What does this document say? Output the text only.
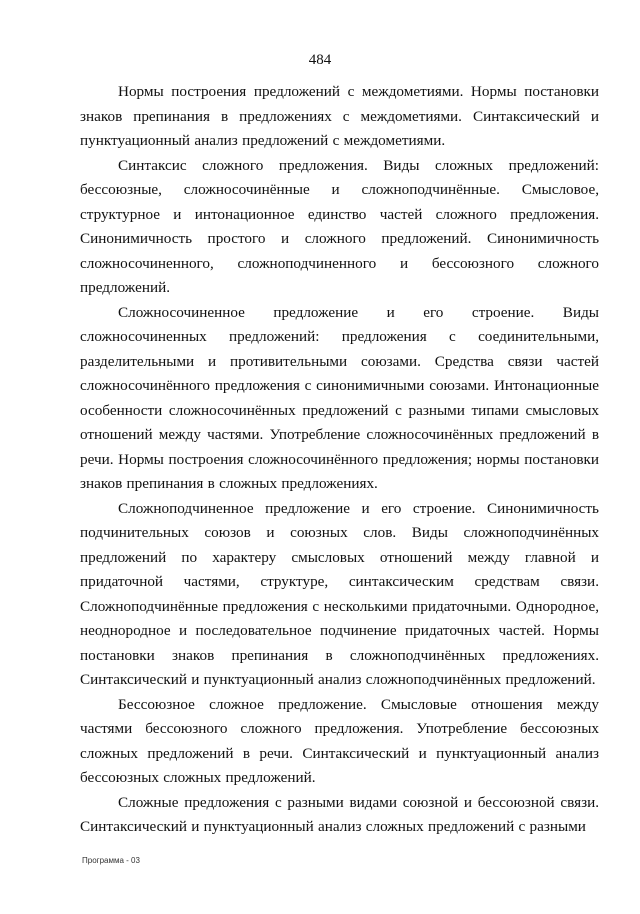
484

Нормы построения предложений с междометиями. Нормы постановки знаков препинания в предложениях с междометиями. Синтаксический и пунктуационный анализ предложений с междометиями.

Синтаксис сложного предложения. Виды сложных предложений: бессоюзные, сложносочинённые и сложноподчинённые. Смысловое, структурное и интонационное единство частей сложного предложения. Синонимичность простого и сложного предложений. Синонимичность сложносочиненного, сложноподчиненного и бессоюзного сложного предложений.

Сложносочиненное предложение и его строение. Виды сложносочиненных предложений: предложения с соединительными, разделительными и противительными союзами. Средства связи частей сложносочинённого предложения с синонимичными союзами. Интонационные особенности сложносочинённых предложений с разными типами смысловых отношений между частями. Употребление сложносочинённых предложений в речи. Нормы построения сложносочинённого предложения; нормы постановки знаков препинания в сложных предложениях.

Сложноподчиненное предложение и его строение. Синонимичность подчинительных союзов и союзных слов. Виды сложноподчинённых предложений по характеру смысловых отношений между главной и придаточной частями, структуре, синтаксическим средствам связи. Сложноподчинённые предложения с несколькими придаточными. Однородное, неоднородное и последовательное подчинение придаточных частей. Нормы постановки знаков препинания в сложноподчинённых предложениях. Синтаксический и пунктуационный анализ сложноподчинённых предложений.

Бессоюзное сложное предложение. Смысловые отношения между частями бессоюзного сложного предложения. Употребление бессоюзных сложных предложений в речи. Синтаксический и пунктуационный анализ бессоюзных сложных предложений.

Сложные предложения с разными видами союзной и бессоюзной связи. Синтаксический и пунктуационный анализ сложных предложений с разными

Программа - 03
